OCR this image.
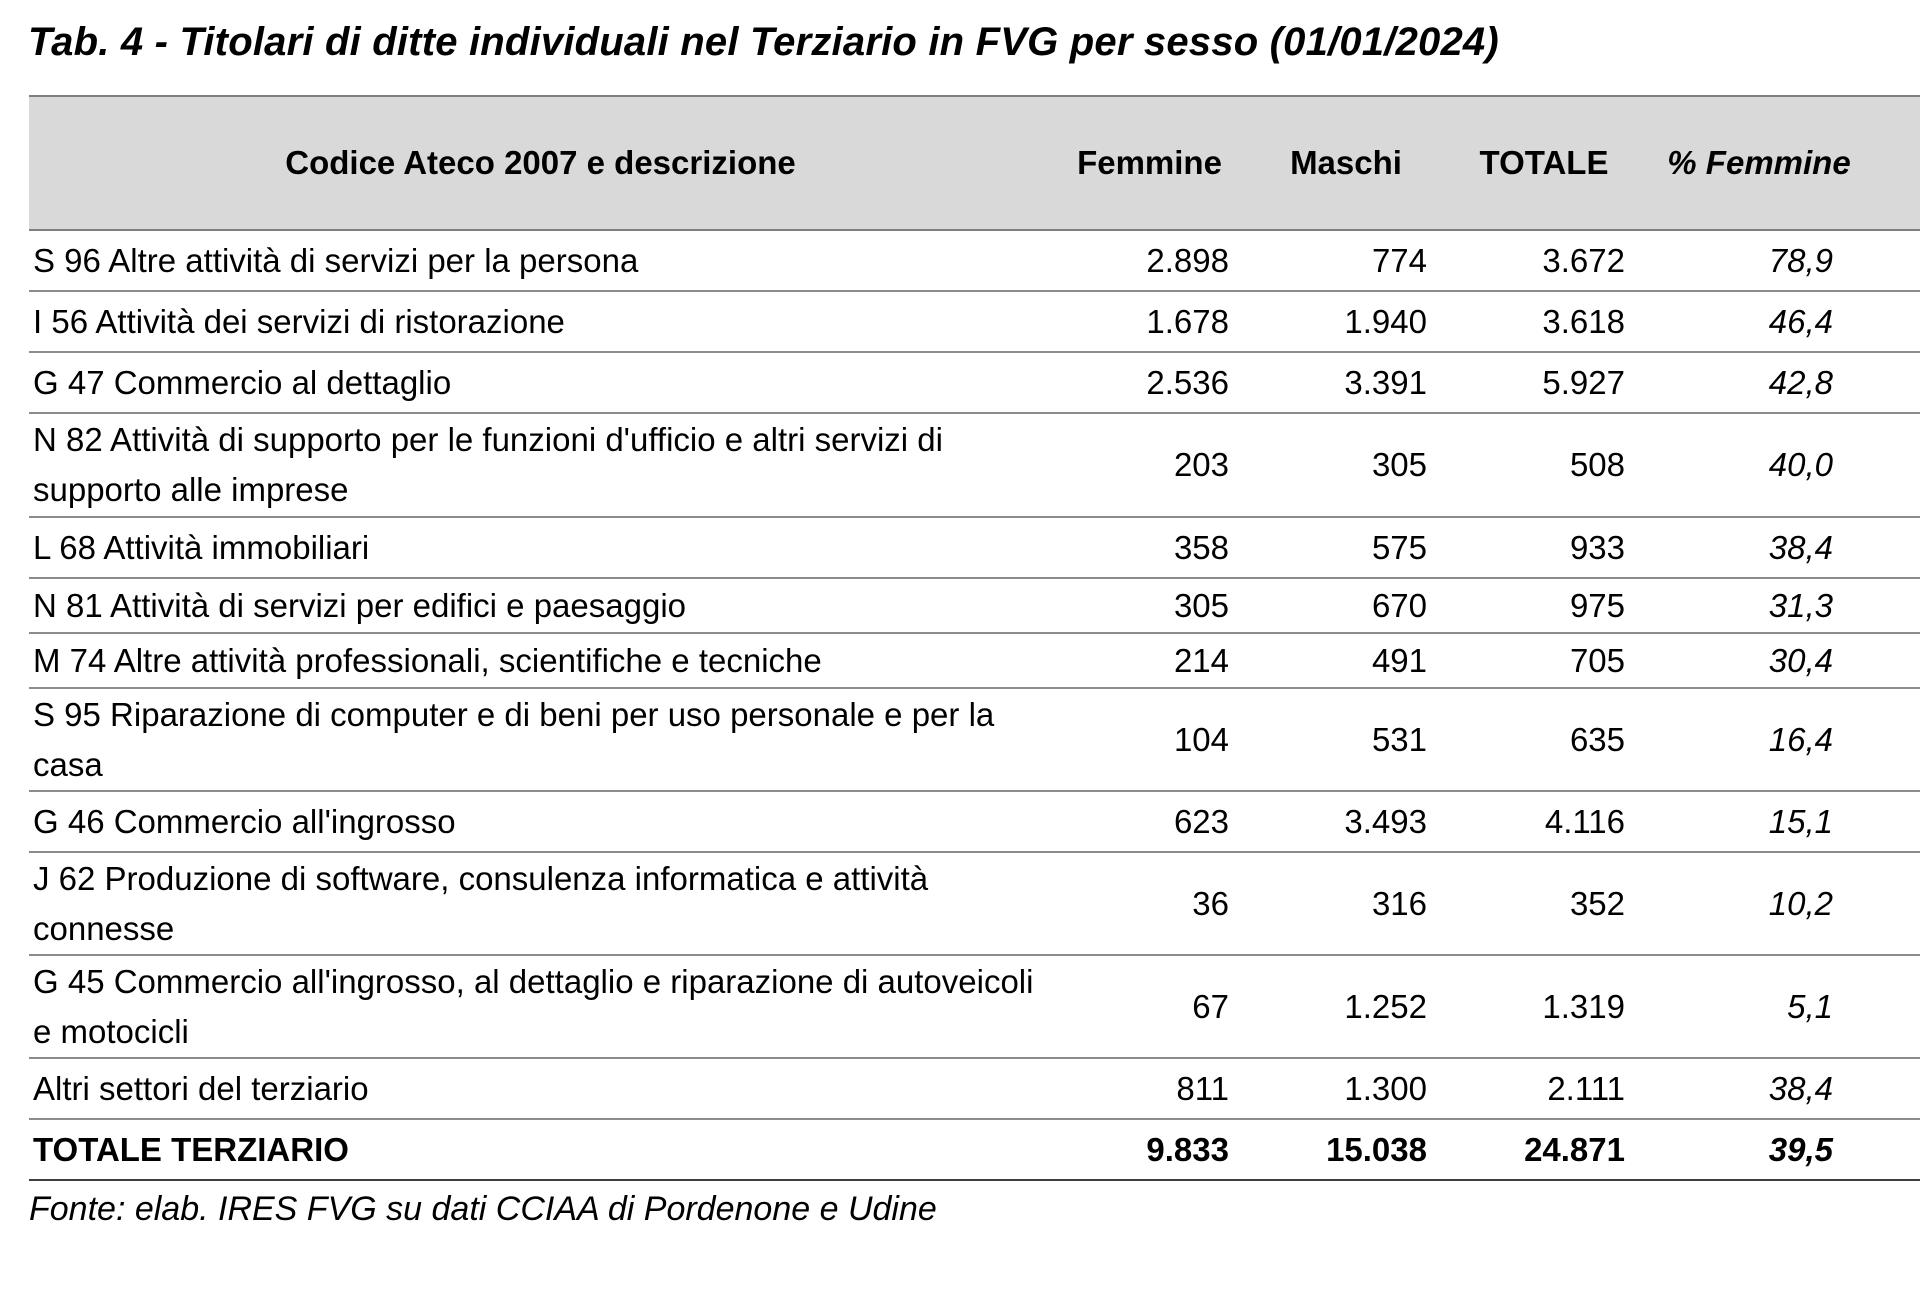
Tab. 4 - Titolari di ditte individuali nel Terziario in FVG per sesso (01/01/2024)
Codice Ateco 2007 e descrizione	Femmine	Maschi	TOTALE	% Femmine	
S 96 Altre attività di servizi per la persona	2.898	774	3.672	78,9	
I 56 Attività dei servizi di ristorazione	1.678	1.940	3.618	46,4	
G 47 Commercio al dettaglio	2.536	3.391	5.927	42,8	
N 82 Attività di supporto per le funzioni d'ufficio e altri servizi di supporto alle imprese	203	305	508	40,0	
L 68 Attività immobiliari	358	575	933	38,4	
N 81 Attività di servizi per edifici e paesaggio	305	670	975	31,3	
M 74 Altre attività professionali, scientifiche e tecniche	214	491	705	30,4	
S 95 Riparazione di computer e di beni per uso personale e per la casa	104	531	635	16,4	
G 46 Commercio all'ingrosso	623	3.493	4.116	15,1	
J 62 Produzione di software, consulenza informatica e attività connesse	36	316	352	10,2	
G 45 Commercio all'ingrosso, al dettaglio e riparazione di autoveicoli e motocicli	67	1.252	1.319	5,1	
Altri settori del terziario	811	1.300	2.111	38,4	
TOTALE TERZIARIO	9.833	15.038	24.871	39,5	
Fonte: elab. IRES FVG su dati CCIAA di Pordenone e Udine
